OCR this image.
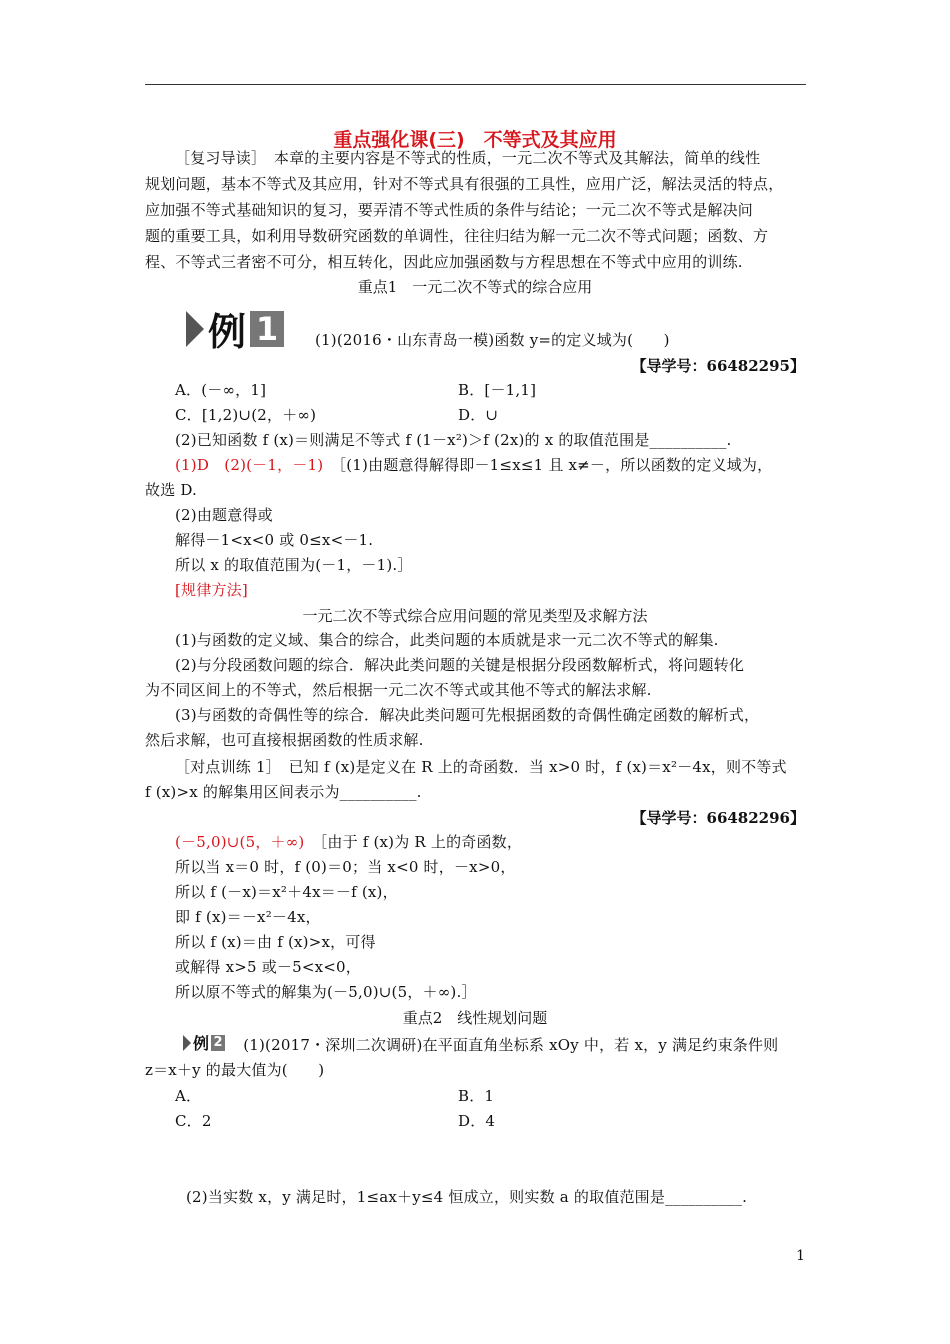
重点强化课(三)　不等式及其应用
［复习导读］　本章的主要内容是不等式的性质，一元二次不等式及其解法，简单的线性
规划问题，基本不等式及其应用，针对不等式具有很强的工具性，应用广泛，解法灵活的特点，
应加强不等式基础知识的复习，要弄清不等式性质的条件与结论；一元二次不等式是解决问
题的重要工具，如利用导数研究函数的单调性，往往归结为解一元二次不等式问题；函数、方
程、不等式三者密不可分，相互转化，因此应加强函数与方程思想在不等式中应用的训练.
重点1　一元二次不等式的综合应用
例 1	(1)(2016・山东青岛一模)函数 y=的定义域为(　　)
【导学号：66482295】
A．(－∞，1]	B．[－1,1]
C．[1,2)∪(2，＋∞)	D．∪
(2)已知函数 f (x)＝则满足不等式 f (1－x²)＞f (2x)的 x 的取值范围是__________.
(1)D　(2)(－1，－1)　［(1)由题意得解得即－1≤x≤1 且 x≠－，所以函数的定义域为，
故选 D.
(2)由题意得或
解得－1<x<0 或 0≤x<－1.
所以 x 的取值范围为(－1，－1).］
[规律方法]
一元二次不等式综合应用问题的常见类型及求解方法
(1)与函数的定义域、集合的综合，此类问题的本质就是求一元二次不等式的解集.
(2)与分段函数问题的综合．解决此类问题的关键是根据分段函数解析式，将问题转化
为不同区间上的不等式，然后根据一元二次不等式或其他不等式的解法求解.
(3)与函数的奇偶性等的综合．解决此类问题可先根据函数的奇偶性确定函数的解析式，
然后求解，也可直接根据函数的性质求解.
［对点训练 1］　已知 f (x)是定义在 R 上的奇函数．当 x>0 时，f (x)＝x²－4x，则不等式
f (x)>x 的解集用区间表示为__________.
【导学号：66482296】
(－5,0)∪(5，＋∞)　［由于 f (x)为 R 上的奇函数，
所以当 x＝0 时，f (0)＝0；当 x<0 时，－x>0，
所以 f (－x)＝x²＋4x＝－f (x)，
即 f (x)＝－x²－4x，
所以 f (x)＝由 f (x)>x，可得
或解得 x>5 或－5<x<0，
所以原不等式的解集为(－5,0)∪(5，＋∞).］
重点2　线性规划问题
例 2 　(1)(2017・深圳二次调研)在平面直角坐标系 xOy 中，若 x，y 满足约束条件则
z＝x＋y 的最大值为(　　)
A．	B．1
C．2	D．4
(2)当实数 x，y 满足时，1≤ax＋y≤4 恒成立，则实数 a 的取值范围是__________.
1
